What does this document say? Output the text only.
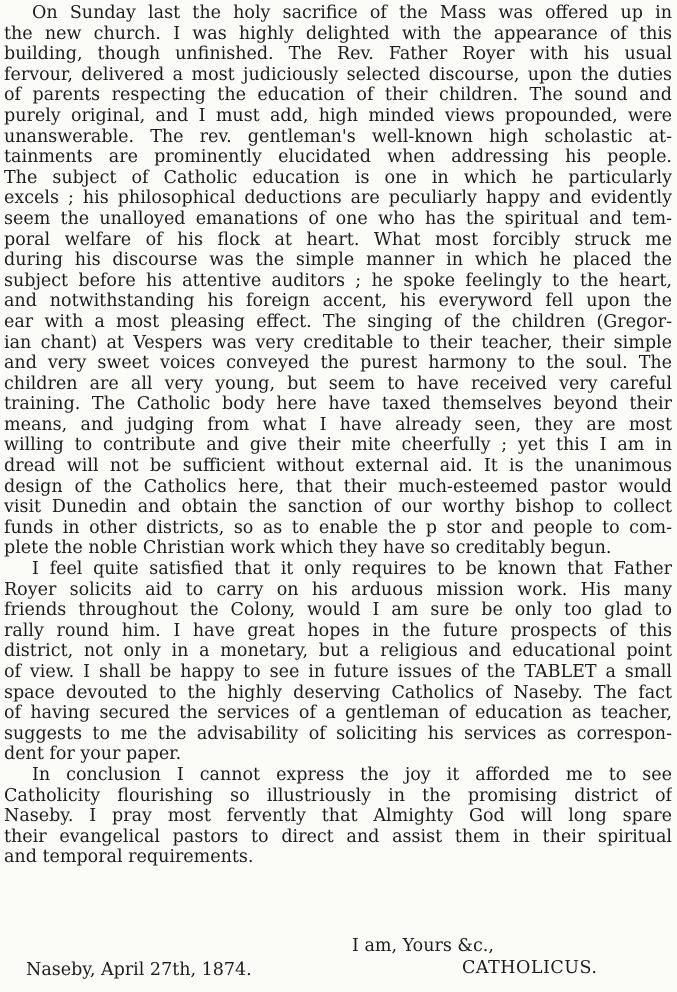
On Sunday last the holy sacrifice of the Mass was offered up in
the new church. I was highly delighted with the appearance of this
building, though unfinished. The Rev. Father Royer with his usual
fervour, delivered a most judiciously selected discourse, upon the duties
of parents respecting the education of their children. The sound and
purely original, and I must add, high minded views propounded, were
unanswerable. The rev. gentleman's well-known high scholastic at-
tainments are prominently elucidated when addressing his people.
The subject of Catholic education is one in which he particularly
excels ; his philosophical deductions are peculiarly happy and evidently
seem the unalloyed emanations of one who has the spiritual and tem-
poral welfare of his flock at heart. What most forcibly struck me
during his discourse was the simple manner in which he placed the
subject before his attentive auditors ; he spoke feelingly to the heart,
and notwithstanding his foreign accent, his everyword fell upon the
ear with a most pleasing effect. The singing of the children (Gregor-
ian chant) at Vespers was very creditable to their teacher, their simple
and very sweet voices conveyed the purest harmony to the soul. The
children are all very young, but seem to have received very careful
training. The Catholic body here have taxed themselves beyond their
means, and judging from what I have already seen, they are most
willing to contribute and give their mite cheerfully ; yet this I am in
dread will not be sufficient without external aid. It is the unanimous
design of the Catholics here, that their much-esteemed pastor would
visit Dunedin and obtain the sanction of our worthy bishop to collect
funds in other districts, so as to enable the p stor and people to com-
plete the noble Christian work which they have so creditably begun.
I feel quite satisfied that it only requires to be known that Father
Royer solicits aid to carry on his arduous mission work. His many
friends throughout the Colony, would I am sure be only too glad to
rally round him. I have great hopes in the future prospects of this
district, not only in a monetary, but a religious and educational point
of view. I shall be happy to see in future issues of the TABLET a small
space devouted to the highly deserving Catholics of Naseby. The fact
of having secured the services of a gentleman of education as teacher,
suggests to me the advisability of soliciting his services as correspon-
dent for your paper.
In conclusion I cannot express the joy it afforded me to see
Catholicity flourishing so illustriously in the promising district of
Naseby. I pray most fervently that Almighty God will long spare
their evangelical pastors to direct and assist them in their spiritual
and temporal requirements.
I am, Yours &c.,
CATHOLICUS.
Naseby, April 27th, 1874.
